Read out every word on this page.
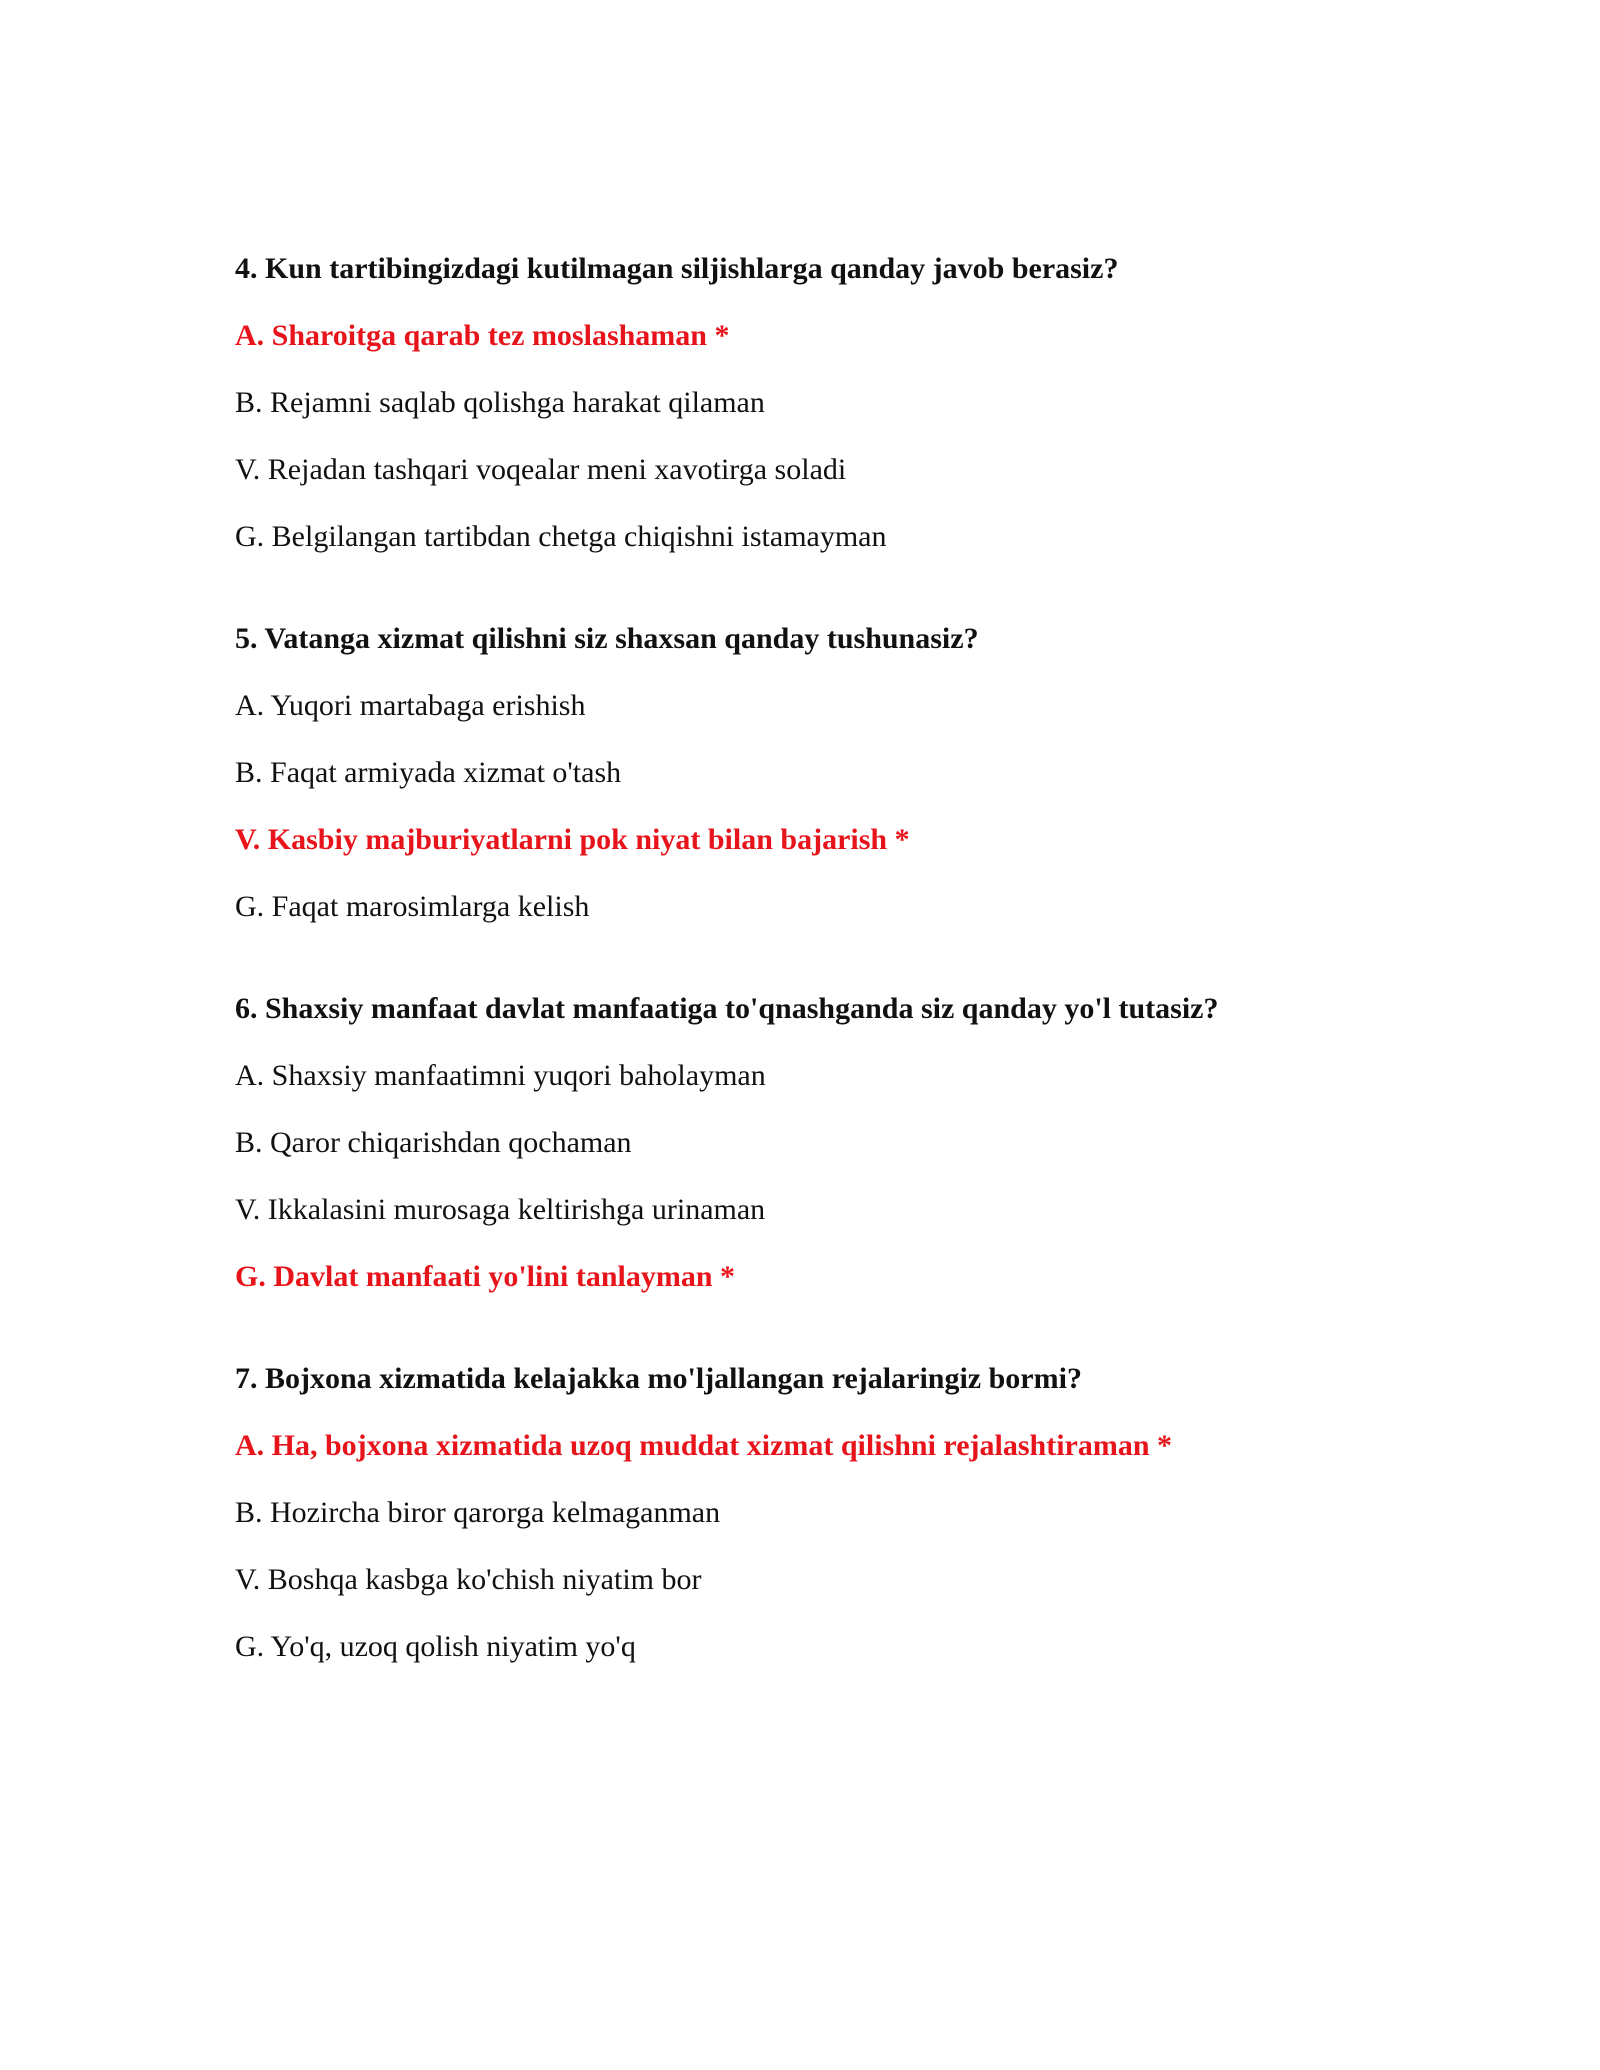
4. Kun tartibingizdagi kutilmagan siljishlarga qanday javob berasiz?

A. Sharoitga qarab tez moslashaman *

B. Rejamni saqlab qolishga harakat qilaman

V. Rejadan tashqari voqealar meni xavotirga soladi

G. Belgilangan tartibdan chetga chiqishni istamayman

5. Vatanga xizmat qilishni siz shaxsan qanday tushunasiz?

A. Yuqori martabaga erishish

B. Faqat armiyada xizmat o'tash

V. Kasbiy majburiyatlarni pok niyat bilan bajarish *

G. Faqat marosimlarga kelish

6. Shaxsiy manfaat davlat manfaatiga to'qnashganda siz qanday yo'l tutasiz?

A. Shaxsiy manfaatimni yuqori baholayman

B. Qaror chiqarishdan qochaman

V. Ikkalasini murosaga keltirishga urinaman

G. Davlat manfaati yo'lini tanlayman *

7. Bojxona xizmatida kelajakka mo'ljallangan rejalaringiz bormi?

A. Ha, bojxona xizmatida uzoq muddat xizmat qilishni rejalashtiraman *

B. Hozircha biror qarorga kelmaganman

V. Boshqa kasbga ko'chish niyatim bor

G. Yo'q, uzoq qolish niyatim yo'q
